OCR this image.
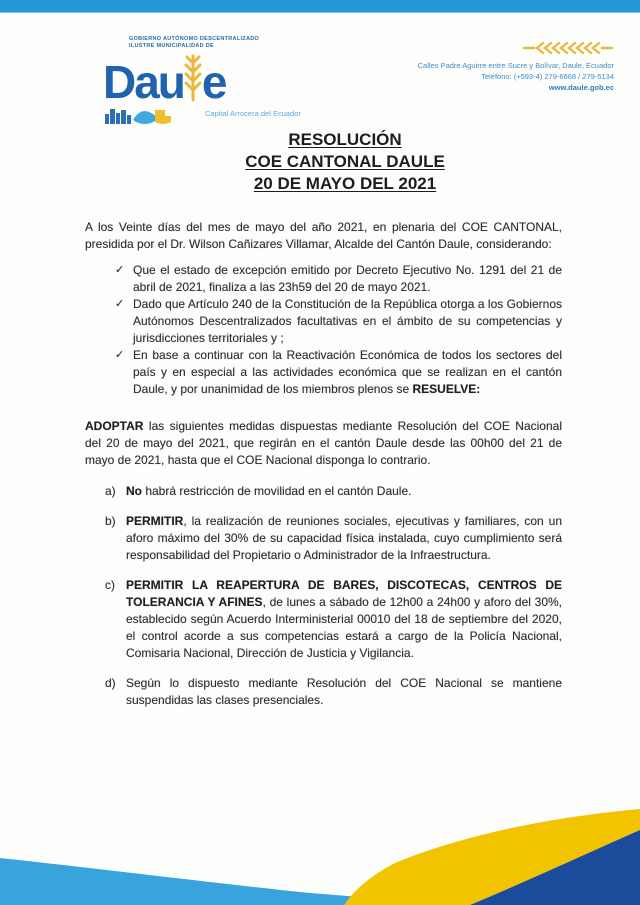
GOBIERNO AUTÓNOMO DESCENTRALIZADO
ILUSTRE MUNICIPALIDAD DE
Dau e
Capital Arrocera del Ecuador
Calles Padre Aguirre entre Sucre y Bolívar, Daule, Ecuador
Teléfono: (+593-4) 279-6668 / 279-5134
www.daule.gob.ec
RESOLUCIÓN
COE CANTONAL DAULE
20 DE MAYO DEL 2021

A los Veinte días del mes de mayo del año 2021, en plenaria del COE CANTONAL, presidida por el Dr. Wilson Cañizares Villamar, Alcalde del Cantón Daule, considerando:

✓ Que el estado de excepción emitido por Decreto Ejecutivo No. 1291 del 21 de abril de 2021, finaliza a las 23h59 del 20 de mayo 2021.
✓ Dado que Artículo 240 de la Constitución de la República otorga a los Gobiernos Autónomos Descentralizados facultativas en el ámbito de su competencias y jurisdicciones territoriales y ;
✓ En base a continuar con la Reactivación Económica de todos los sectores del país y en especial a las actividades económica que se realizan en el cantón Daule, y por unanimidad de los miembros plenos se RESUELVE:

ADOPTAR las siguientes medidas dispuestas mediante Resolución del COE Nacional del 20 de mayo del 2021, que regirán en el cantón Daule desde las 00h00 del 21 de mayo de 2021, hasta que el COE Nacional disponga lo contrario.

a) No habrá restricción de movilidad en el cantón Daule.
b) PERMITIR, la realización de reuniones sociales, ejecutivas y familiares, con un aforo máximo del 30% de su capacidad física instalada, cuyo cumplimiento será responsabilidad del Propietario o Administrador de la Infraestructura.
c) PERMITIR LA REAPERTURA DE BARES, DISCOTECAS, CENTROS DE TOLERANCIA Y AFINES, de lunes a sábado de 12h00 a 24h00 y aforo del 30%, establecido según Acuerdo Interministerial 00010 del 18 de septiembre del 2020, el control acorde a sus competencias estará a cargo de la Policía Nacional, Comisaria Nacional, Dirección de Justicia y Vigilancia.
d) Según lo dispuesto mediante Resolución del COE Nacional se mantiene suspendidas las clases presenciales.
